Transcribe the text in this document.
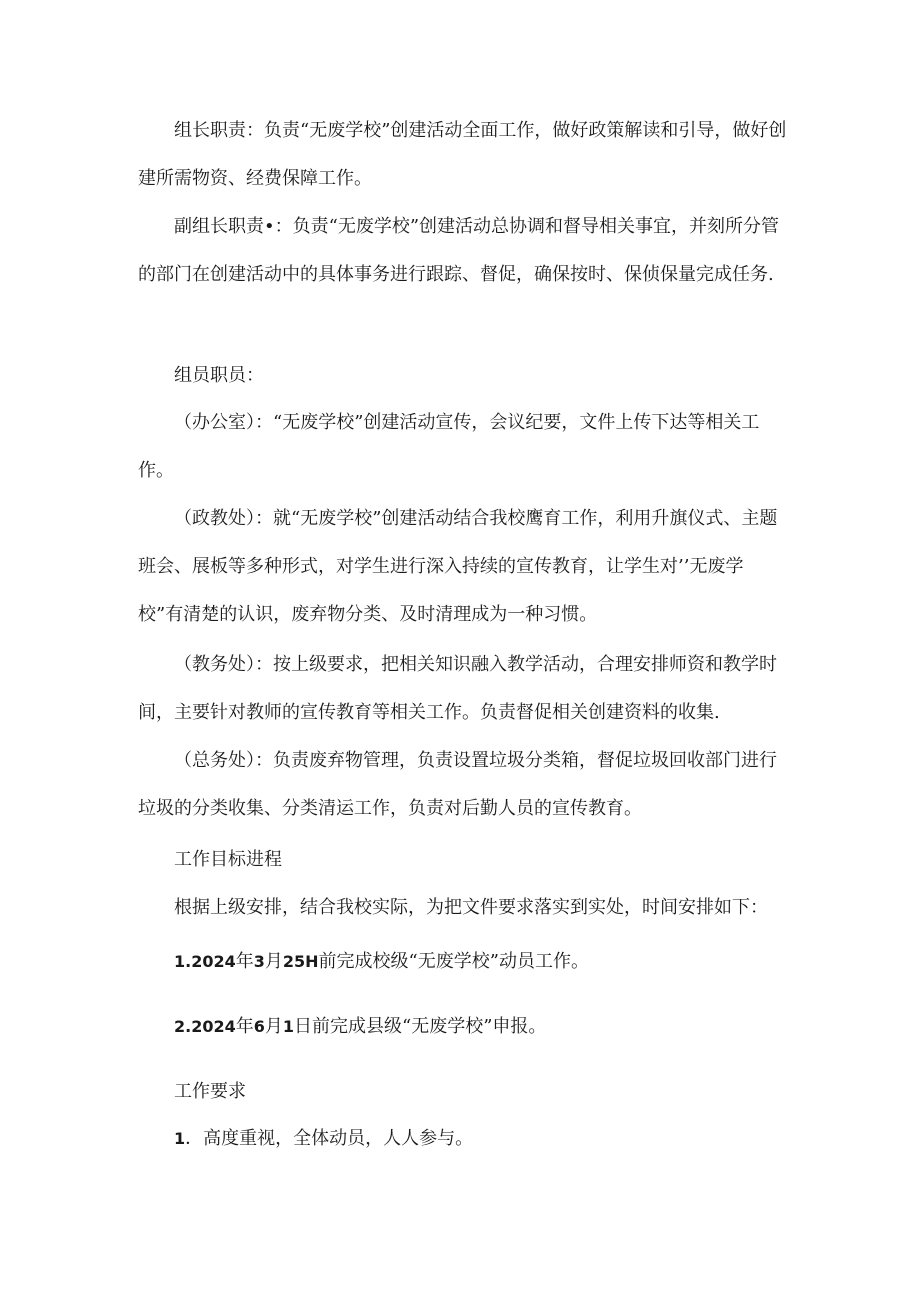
组长职责：负责“无废学校”创建活动全面工作，做好政策解读和引导，做好创建所需物资、经费保障工作。

副组长职责•：负责“无废学校”创建活动总协调和督导相关事宜，并刻所分管的部门在创建活动中的具体事务进行跟踪、督促，确保按时、保侦保量完成任务.

组员职员：

（办公室）：“无废学校”创建活动宣传，会议纪要，文件上传下达等相关工作。

（政教处）：就“无废学校”创建活动结合我校鹰育工作，利用升旗仪式、主题班会、展板等多种形式，对学生进行深入持续的宣传教育，让学生对’’无废学校”有清楚的认识，废弃物分类、及时清理成为一种习惯。

（教务处）：按上级要求，把相关知识融入教学活动，合理安排师资和教学时间，主要针对教师的宣传教育等相关工作。负责督促相关创建资料的收集.

（总务处）：负责废弃物管理，负责设置垃圾分类箱，督促垃圾回收部门进行垃圾的分类收集、分类清运工作，负责对后勤人员的宣传教育。

工作目标进程

根据上级安排，结合我校实际，为把文件要求落实到实处，时间安排如下：

1.2024年3月25H前完成校级“无废学校”动员工作。

2.2024年6月1日前完成县级“无废学校”申报。

工作要求

1．高度重视，全体动员，人人参与。
